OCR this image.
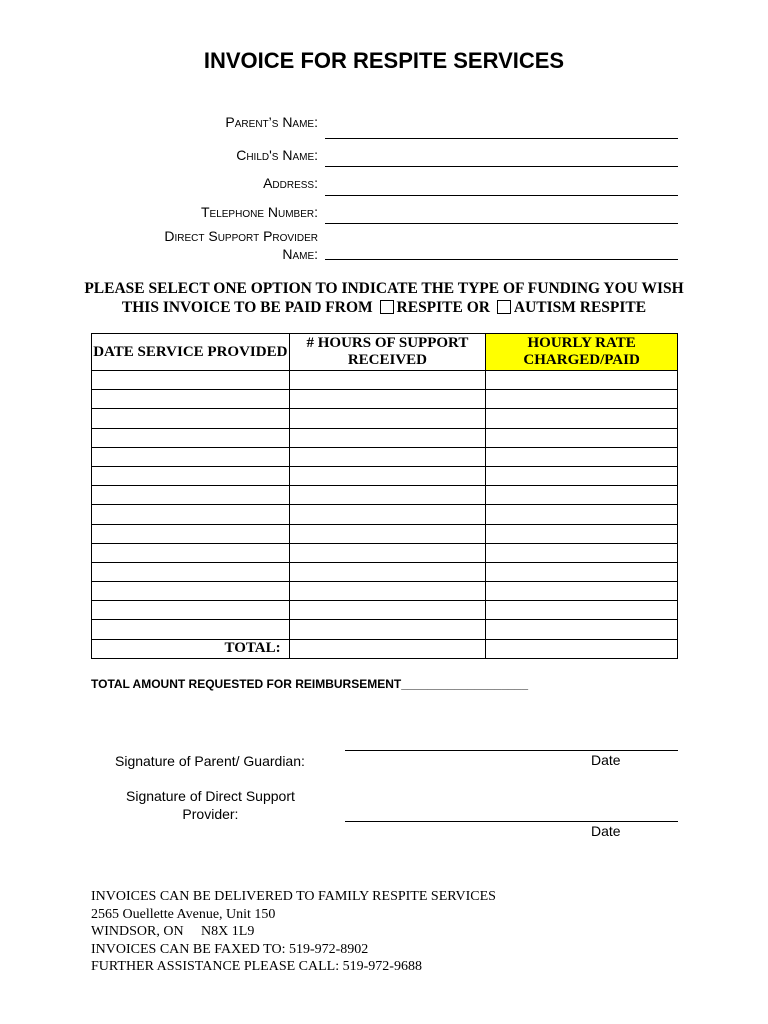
INVOICE FOR RESPITE SERVICES
Parent’s Name:
Child's Name:
Address:
Telephone Number:
Direct Support Provider
Name:
PLEASE SELECT ONE OPTION TO INDICATE THE TYPE OF FUNDING YOU WISH
THIS INVOICE TO BE PAID FROM RESPITE OR AUTISM RESPITE
DATE SERVICE PROVIDED	# HOURS OF SUPPORT RECEIVED	HOURLY RATE CHARGED/PAID

TOTAL:		
TOTAL AMOUNT REQUESTED FOR REIMBURSEMENT___________________
Signature of Parent/ Guardian:	Date
Signature of Direct Support
Provider:
Date
INVOICES CAN BE DELIVERED TO FAMILY RESPITE SERVICES
2565 Ouellette Avenue, Unit 150
WINDSOR, ON     N8X 1L9
INVOICES CAN BE FAXED TO: 519-972-8902
FURTHER ASSISTANCE PLEASE CALL: 519-972-9688
